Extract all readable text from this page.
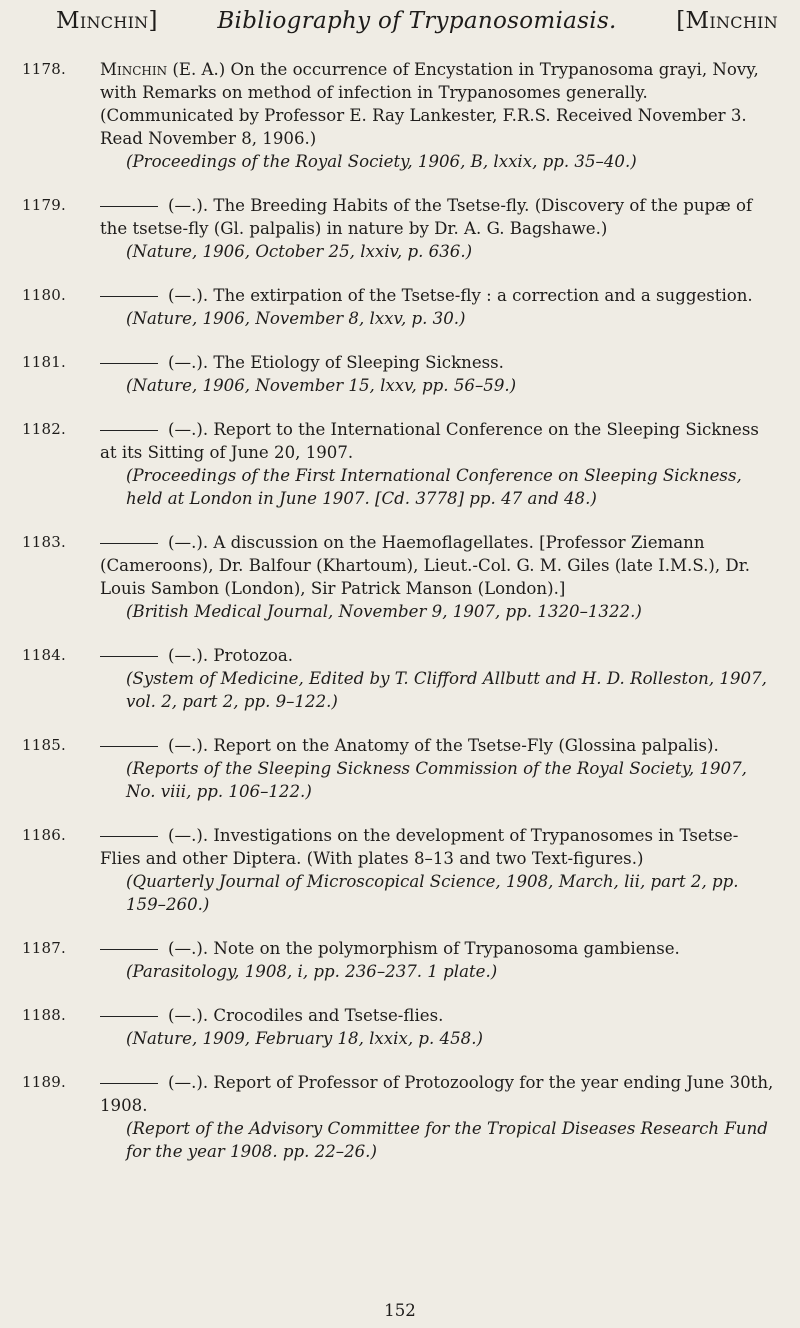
Minchin]	Bibliography of Trypanosomiasis.	[Minchin
1178. Minchin (E. A.) On the occurrence of Encystation in Trypanosoma grayi, Novy, with Remarks on method of infection in Trypanosomes generally. (Communicated by Professor E. Ray Lankester, F.R.S. Received November 3. Read November 8, 1906.)
(Proceedings of the Royal Society, 1906, B, lxxix, pp. 35–40.)
1179.	(—.). The Breeding Habits of the Tsetse-fly. (Discovery of the pupæ of the tsetse-fly (Gl. palpalis) in nature by Dr. A. G. Bagshawe.)
(Nature, 1906, October 25, lxxiv, p. 636.)
1180.	(—.). The extirpation of the Tsetse-fly : a correction and a suggestion.
(Nature, 1906, November 8, lxxv, p. 30.)
1181.	(—.). The Etiology of Sleeping Sickness.
(Nature, 1906, November 15, lxxv, pp. 56–59.)
1182.	(—.). Report to the International Conference on the Sleeping Sickness at its Sitting of June 20, 1907.
(Proceedings of the First International Conference on Sleeping Sickness, held at London in June 1907. [Cd. 3778] pp. 47 and 48.)
1183.	(—.). A discussion on the Haemoflagellates. [Professor Ziemann (Cameroons), Dr. Balfour (Khartoum), Lieut.-Col. G. M. Giles (late I.M.S.), Dr. Louis Sambon (London), Sir Patrick Manson (London).]
(British Medical Journal, November 9, 1907, pp. 1320–1322.)
1184.	(—.). Protozoa.
(System of Medicine, Edited by T. Clifford Allbutt and H. D. Rolleston, 1907, vol. 2, part 2, pp. 9–122.)
1185.	(—.). Report on the Anatomy of the Tsetse-Fly (Glossina palpalis).
(Reports of the Sleeping Sickness Commission of the Royal Society, 1907, No. viii, pp. 106–122.)
1186.	(—.). Investigations on the development of Trypanosomes in Tsetse-Flies and other Diptera. (With plates 8–13 and two Text-figures.)
(Quarterly Journal of Microscopical Science, 1908, March, lii, part 2, pp. 159–260.)
1187.	(—.). Note on the polymorphism of Trypanosoma gambiense.
(Parasitology, 1908, i, pp. 236–237. 1 plate.)
1188.	(—.). Crocodiles and Tsetse-flies.
(Nature, 1909, February 18, lxxix, p. 458.)
1189.	(—.). Report of Professor of Protozoology for the year ending June 30th, 1908.
(Report of the Advisory Committee for the Tropical Diseases Research Fund for the year 1908. pp. 22–26.)
152
